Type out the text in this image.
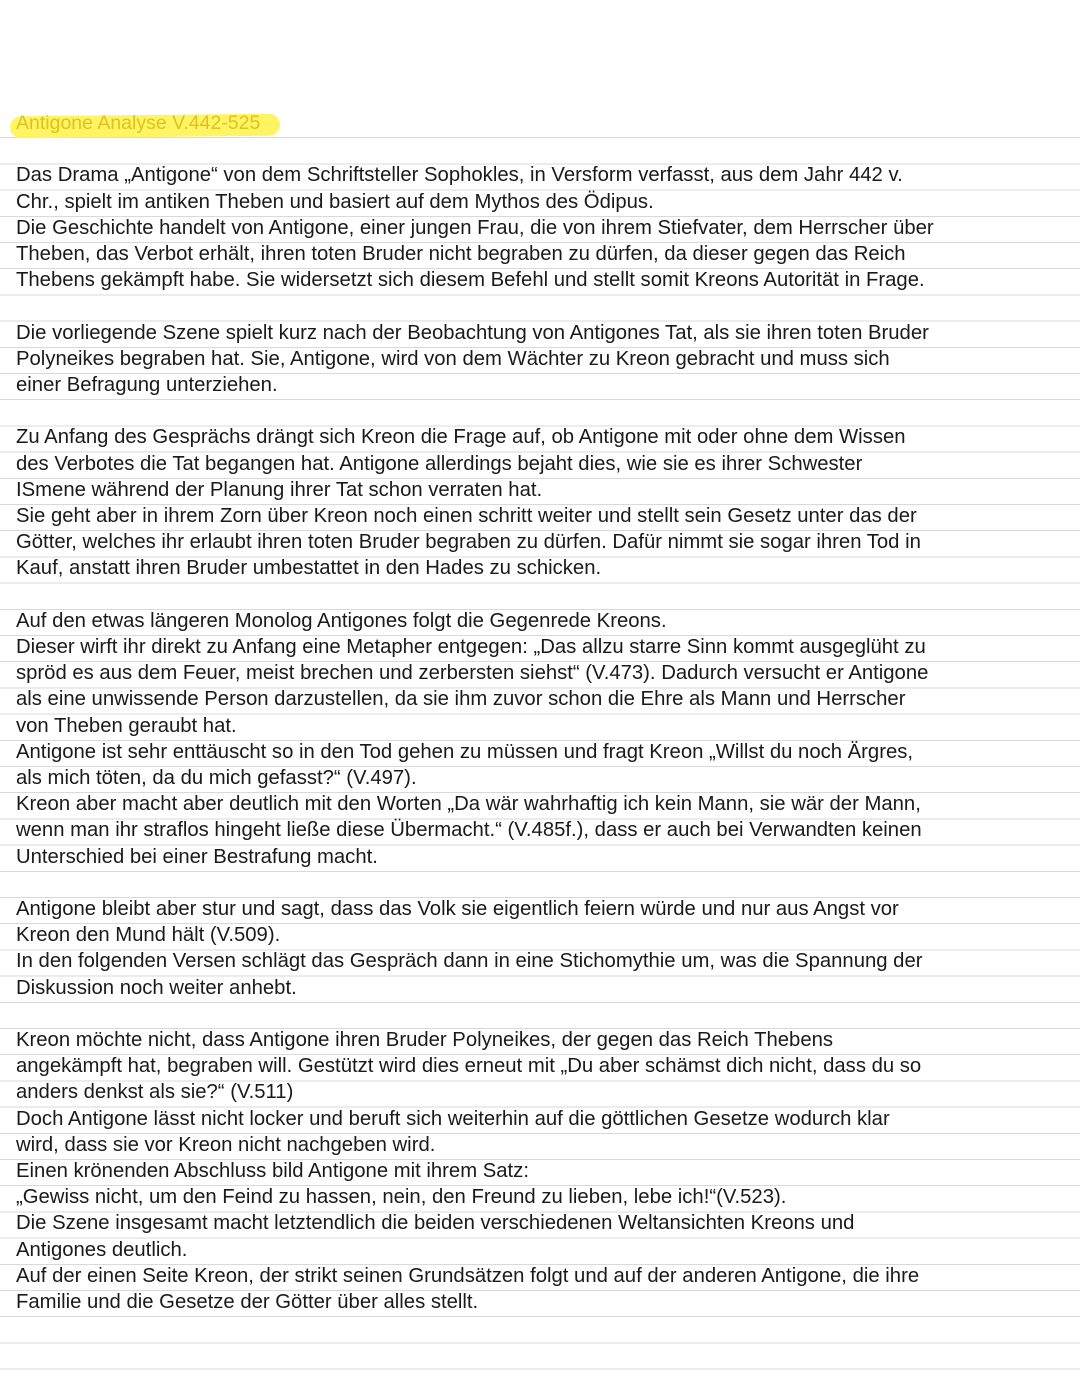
Antigone Analyse V.442-525

Das Drama „Antigone“ von dem Schriftsteller Sophokles, in Versform verfasst, aus dem Jahr 442 v.
Chr., spielt im antiken Theben und basiert auf dem Mythos des Ödipus.
Die Geschichte handelt von Antigone, einer jungen Frau, die von ihrem Stiefvater, dem Herrscher über
Theben, das Verbot erhält, ihren toten Bruder nicht begraben zu dürfen, da dieser gegen das Reich
Thebens gekämpft habe. Sie widersetzt sich diesem Befehl und stellt somit Kreons Autorität in Frage.

Die vorliegende Szene spielt kurz nach der Beobachtung von Antigones Tat, als sie ihren toten Bruder
Polyneikes begraben hat. Sie, Antigone, wird von dem Wächter zu Kreon gebracht und muss sich
einer Befragung unterziehen.

Zu Anfang des Gesprächs drängt sich Kreon die Frage auf, ob Antigone mit oder ohne dem Wissen
des Verbotes die Tat begangen hat. Antigone allerdings bejaht dies, wie sie es ihrer Schwester
ISmene während der Planung ihrer Tat schon verraten hat.
Sie geht aber in ihrem Zorn über Kreon noch einen schritt weiter und stellt sein Gesetz unter das der
Götter, welches ihr erlaubt ihren toten Bruder begraben zu dürfen. Dafür nimmt sie sogar ihren Tod in
Kauf, anstatt ihren Bruder umbestattet in den Hades zu schicken.

Auf den etwas längeren Monolog Antigones folgt die Gegenrede Kreons.
Dieser wirft ihr direkt zu Anfang eine Metapher entgegen: „Das allzu starre Sinn kommt ausgeglüht zu
spröd es aus dem Feuer, meist brechen und zerbersten siehst“ (V.473). Dadurch versucht er Antigone
als eine unwissende Person darzustellen, da sie ihm zuvor schon die Ehre als Mann und Herrscher
von Theben geraubt hat.
Antigone ist sehr enttäuscht so in den Tod gehen zu müssen und fragt Kreon „Willst du noch Ärgres,
als mich töten, da du mich gefasst?“ (V.497).
Kreon aber macht aber deutlich mit den Worten „Da wär wahrhaftig ich kein Mann, sie wär der Mann,
wenn man ihr straflos hingeht ließe diese Übermacht.“ (V.485f.), dass er auch bei Verwandten keinen
Unterschied bei einer Bestrafung macht.

Antigone bleibt aber stur und sagt, dass das Volk sie eigentlich feiern würde und nur aus Angst vor
Kreon den Mund hält (V.509).
In den folgenden Versen schlägt das Gespräch dann in eine Stichomythie um, was die Spannung der
Diskussion noch weiter anhebt.

Kreon möchte nicht, dass Antigone ihren Bruder Polyneikes, der gegen das Reich Thebens
angekämpft hat, begraben will. Gestützt wird dies erneut mit „Du aber schämst dich nicht, dass du so
anders denkst als sie?“ (V.511)
Doch Antigone lässt nicht locker und beruft sich weiterhin auf die göttlichen Gesetze wodurch klar
wird, dass sie vor Kreon nicht nachgeben wird.
Einen krönenden Abschluss bild Antigone mit ihrem Satz:
„Gewiss nicht, um den Feind zu hassen, nein, den Freund zu lieben, lebe ich!“(V.523).
Die Szene insgesamt macht letztendlich die beiden verschiedenen Weltansichten Kreons und
Antigones deutlich.
Auf der einen Seite Kreon, der strikt seinen Grundsätzen folgt und auf der anderen Antigone, die ihre
Familie und die Gesetze der Götter über alles stellt.
